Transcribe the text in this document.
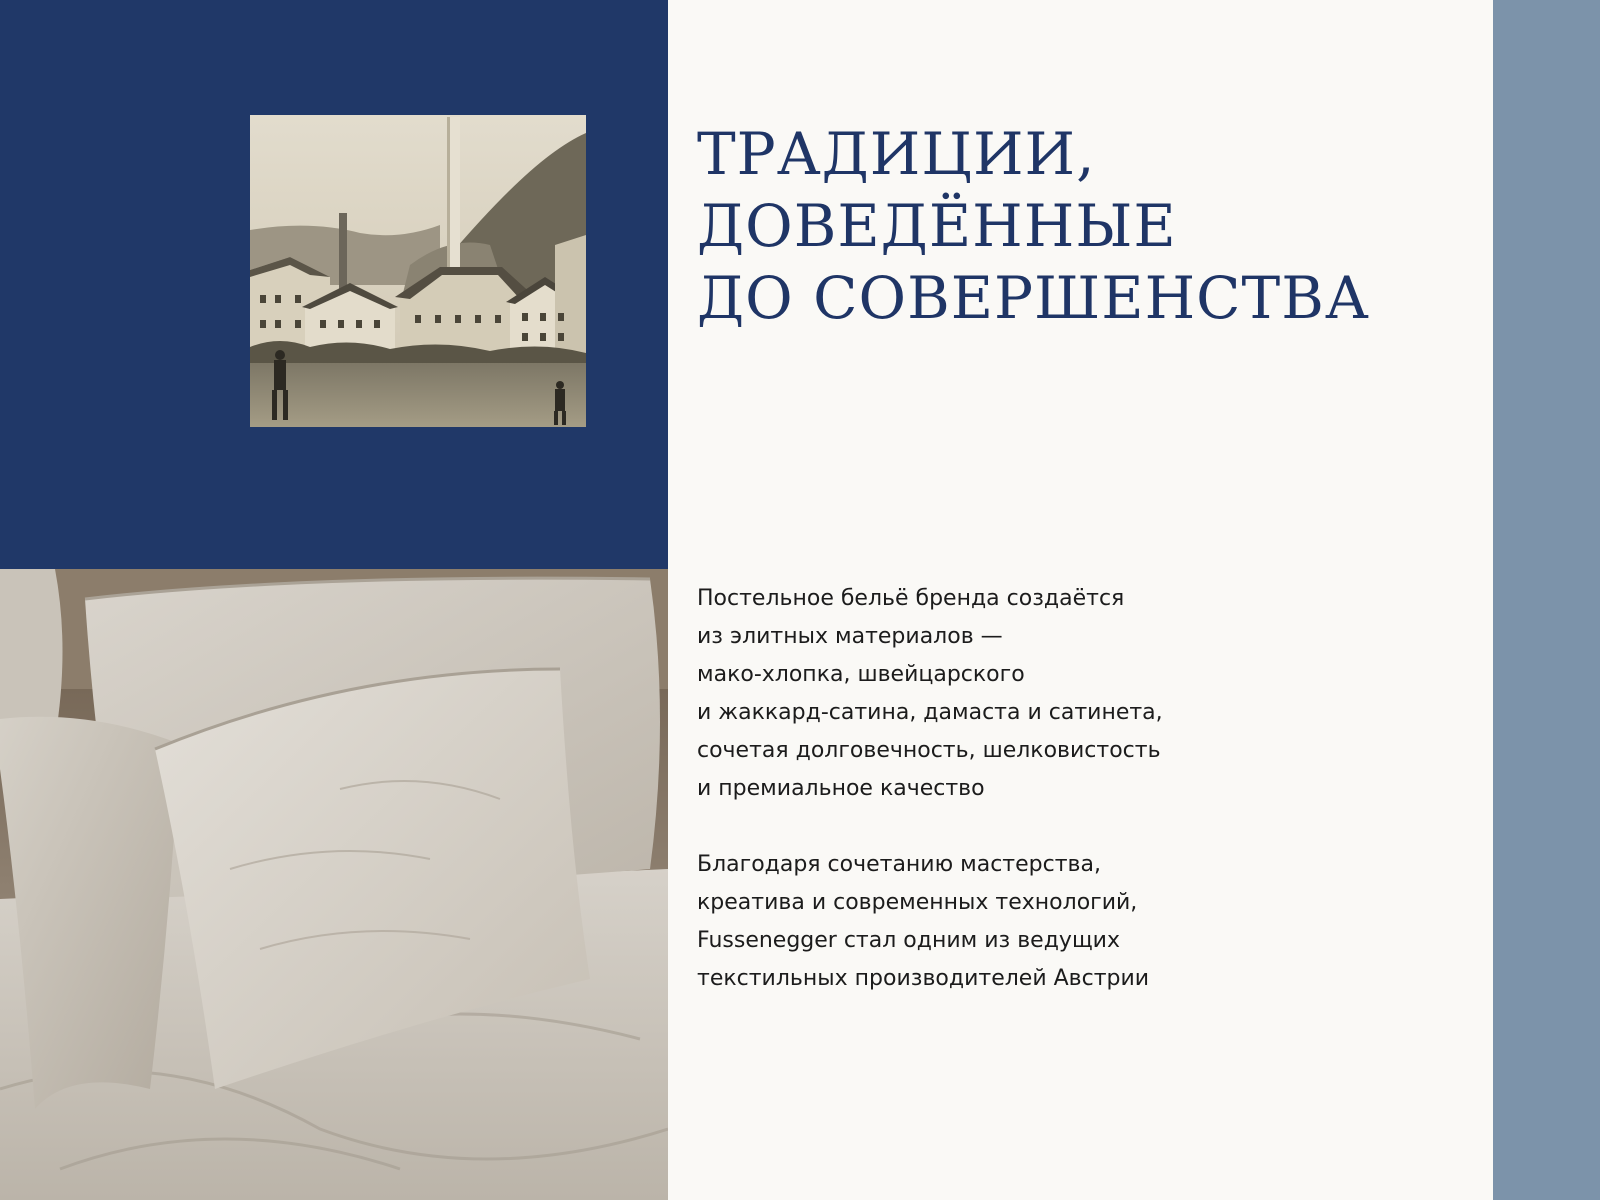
ТРАДИЦИИ,
ДОВЕДЁННЫЕ
ДО СОВЕРШЕНСТВА

Постельное бельё бренда создаётся
из элитных материалов —
мако-хлопка, швейцарского
и жаккард-сатина, дамаста и сатинета,
сочетая долговечность, шелковистость
и премиальное качество

Благодаря сочетанию мастерства,
креатива и современных технологий,
Fussenegger стал одним из ведущих
текстильных производителей Австрии
